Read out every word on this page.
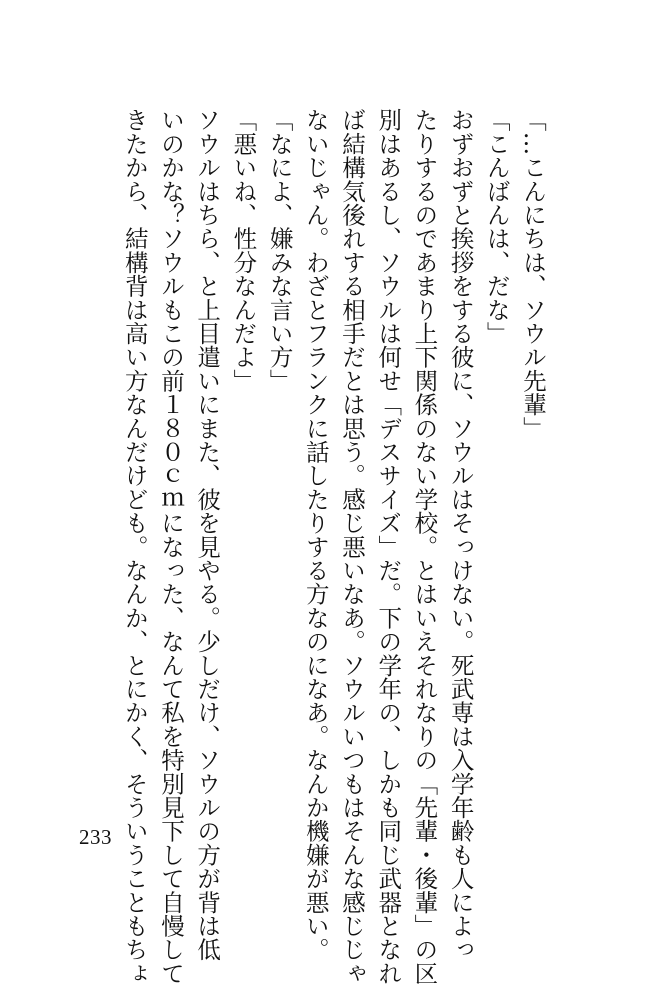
「…こんにちは、ソウル先輩」
「こんばんは、だな」
おずおずと挨拶をする彼に、ソウルはそっけない。死武専は入学年齢も人によっ
たりするのであまり上下関係のない学校。とはいえそれなりの「先輩・後輩」の区
別はあるし、ソウルは何せ「デスサイズ」だ。下の学年の、しかも同じ武器となれ
ば結構気後れする相手だとは思う。感じ悪いなあ。ソウルいつもはそんな感じじゃ
ないじゃん。わざとフランクに話したりする方なのになあ。なんか機嫌が悪い。
「なによ、嫌みな言い方」
「悪いね、性分なんだよ」
ソウルはちら、と上目遣いにまた、彼を見やる。少しだけ、ソウルの方が背は低
いのかな？ソウルもこの前１８０ｃｍになった、なんて私を特別見下して自慢して
きたから、結構背は高い方なんだけども。なんか、とにかく、そういうこともちょ
233
